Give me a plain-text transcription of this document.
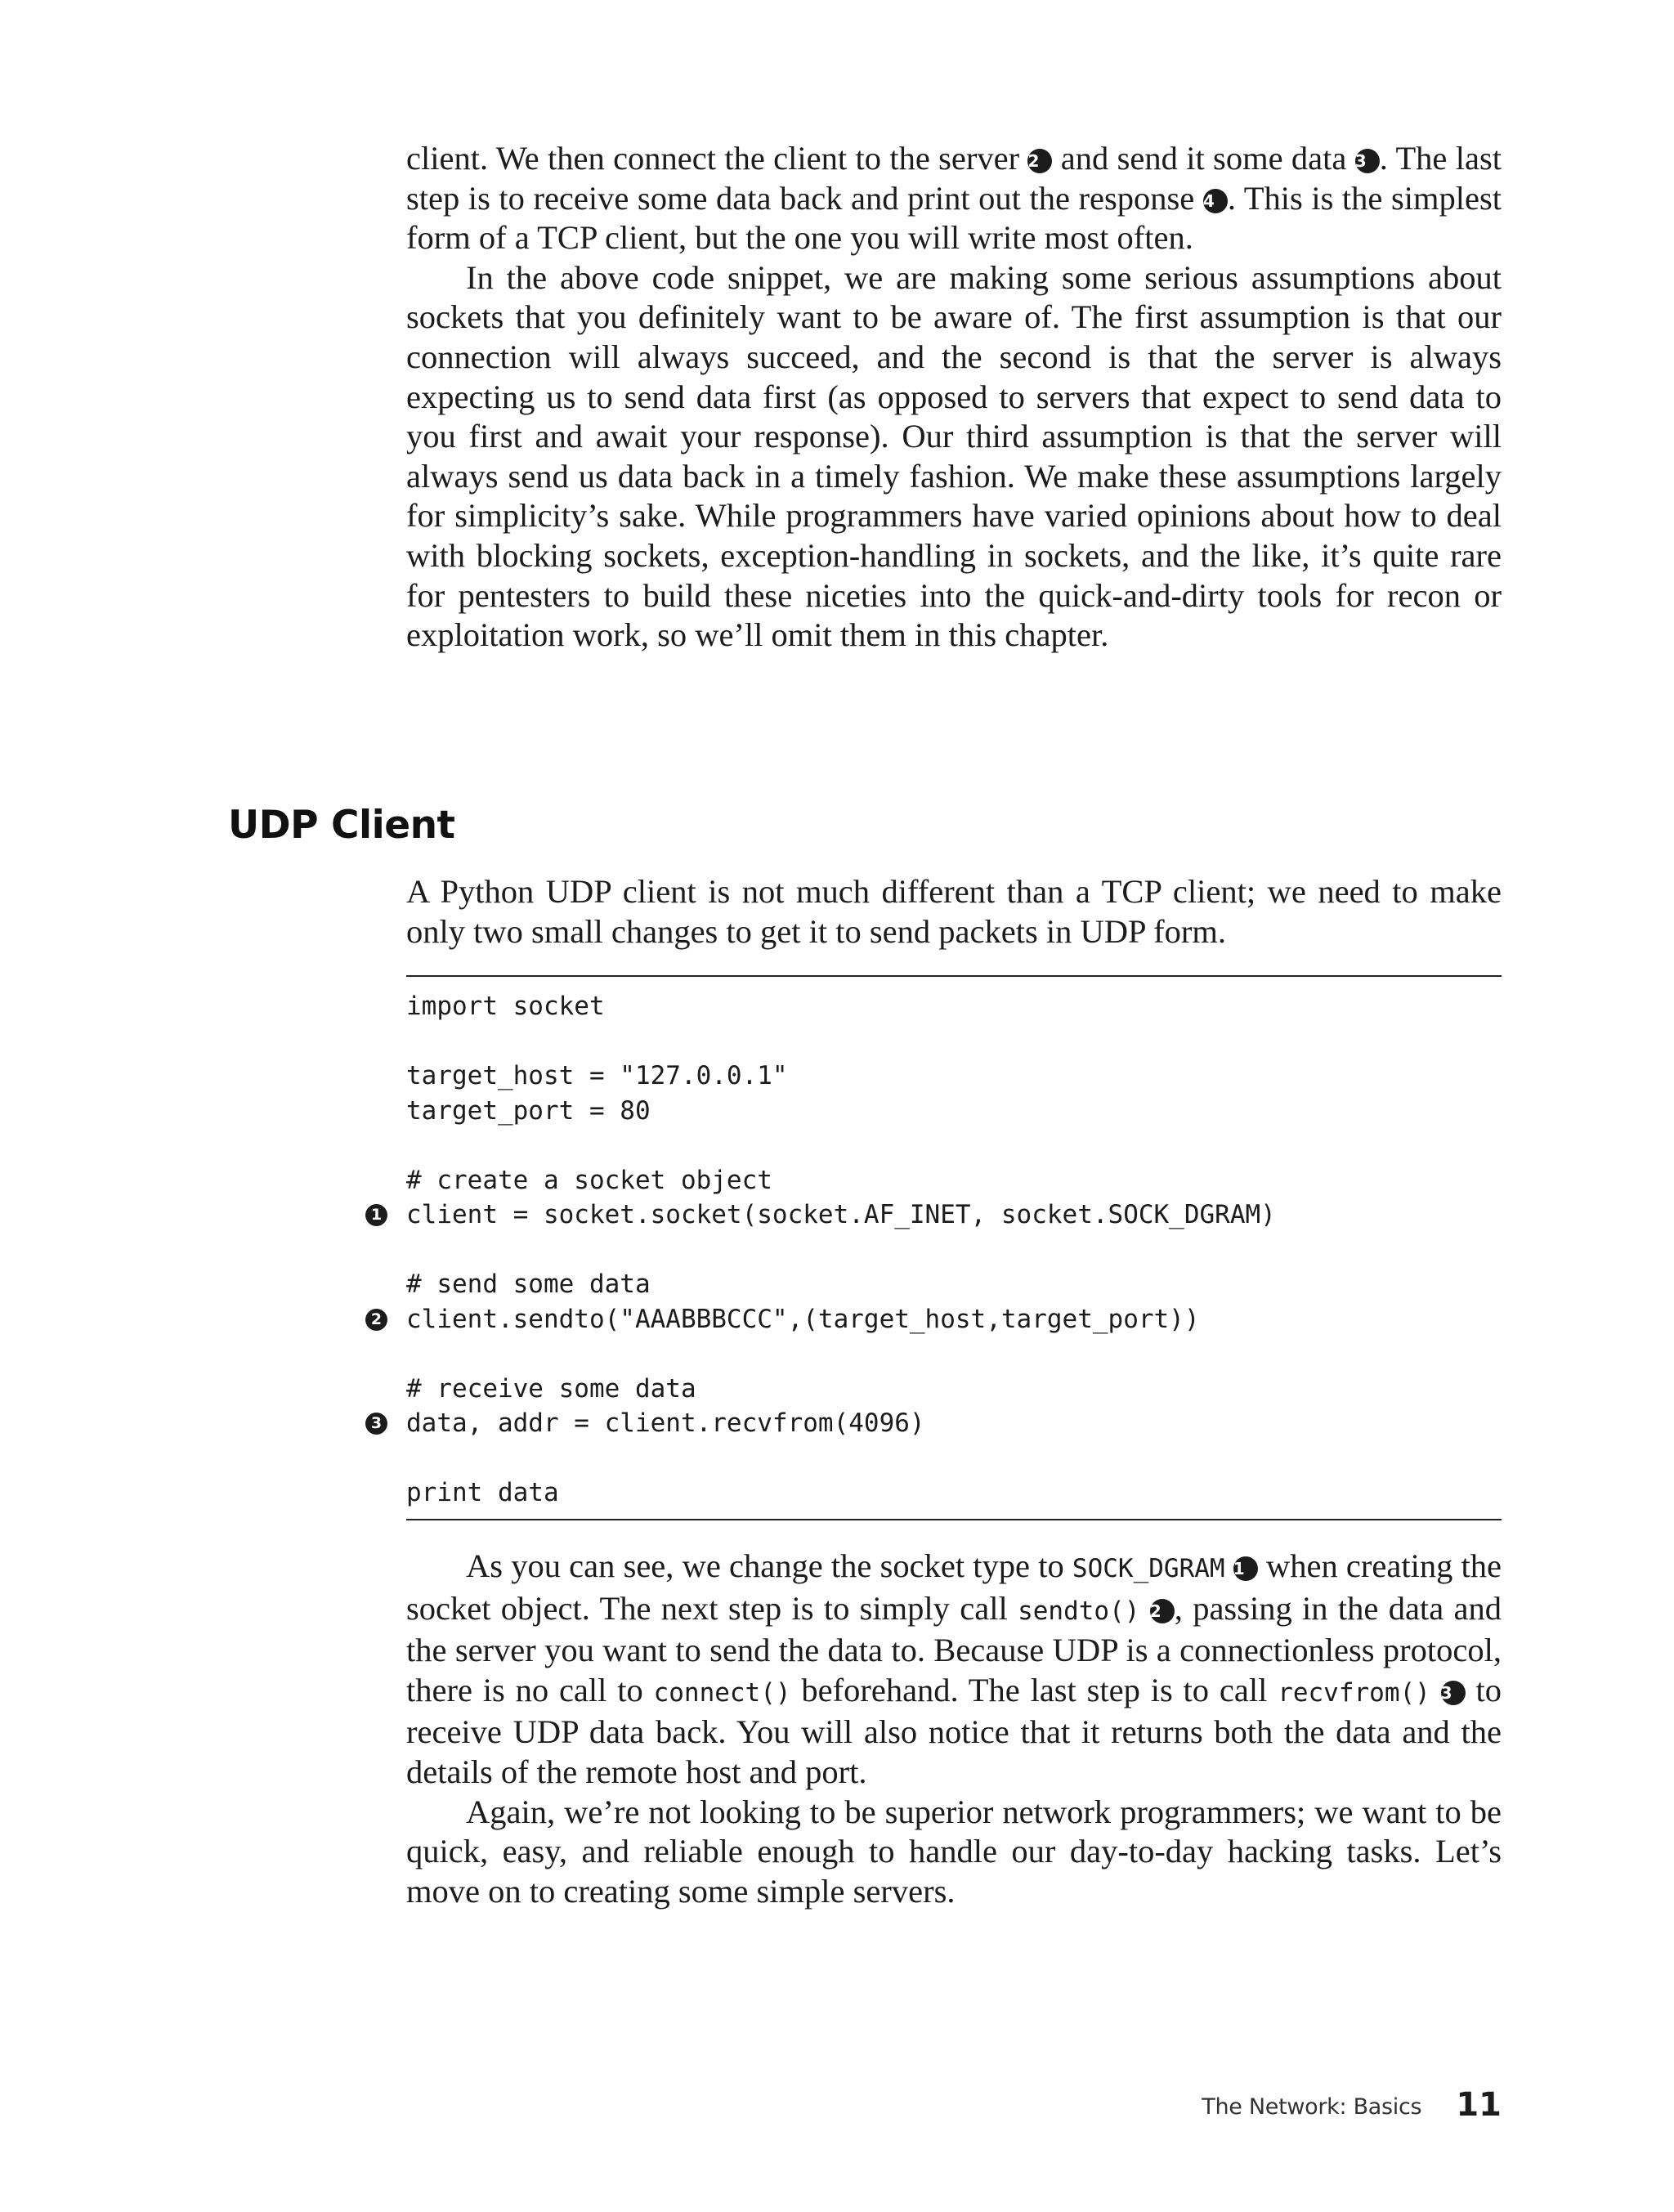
client. We then connect the client to the server 2 and send it some data 3 . The last step is to receive some data back and print out the response 4 . This is the simplest form of a TCP client, but the one you will write most often.

In the above code snippet, we are making some serious assumptions about sockets that you definitely want to be aware of. The first assumption is that our connection will always succeed, and the second is that the server is always expecting us to send data first (as opposed to servers that expect to send data to you first and await your response). Our third assumption is that the server will always send us data back in a timely fashion. We make these assumptions largely for simplicity’s sake. While programmers have varied opinions about how to deal with blocking sockets, exception-handling in sockets, and the like, it’s quite rare for pentesters to build these niceties into the quick-and-dirty tools for recon or exploitation work, so we’ll omit them in this chapter.

UDP Client

A Python UDP client is not much different than a TCP client; we need to make only two small changes to get it to send packets in UDP form.

import socket
target_host = "127.0.0.1"
target_port = 80
# create a socket object
1 client = socket.socket(socket.AF_INET, socket.SOCK_DGRAM)
# send some data
2 client.sendto("AAABBBCCC",(target_host,target_port))
# receive some data
3 data, addr = client.recvfrom(4096)
print data

As you can see, we change the socket type to SOCK_DGRAM 1 when creating the socket object. The next step is to simply call sendto() 2 , passing in the data and the server you want to send the data to. Because UDP is a connectionless protocol, there is no call to connect() beforehand. The last step is to call recvfrom() 3 to receive UDP data back. You will also notice that it returns both the data and the details of the remote host and port.

Again, we’re not looking to be superior network programmers; we want to be quick, easy, and reliable enough to handle our day-to-day hacking tasks. Let’s move on to creating some simple servers.

The Network: Basics 11
